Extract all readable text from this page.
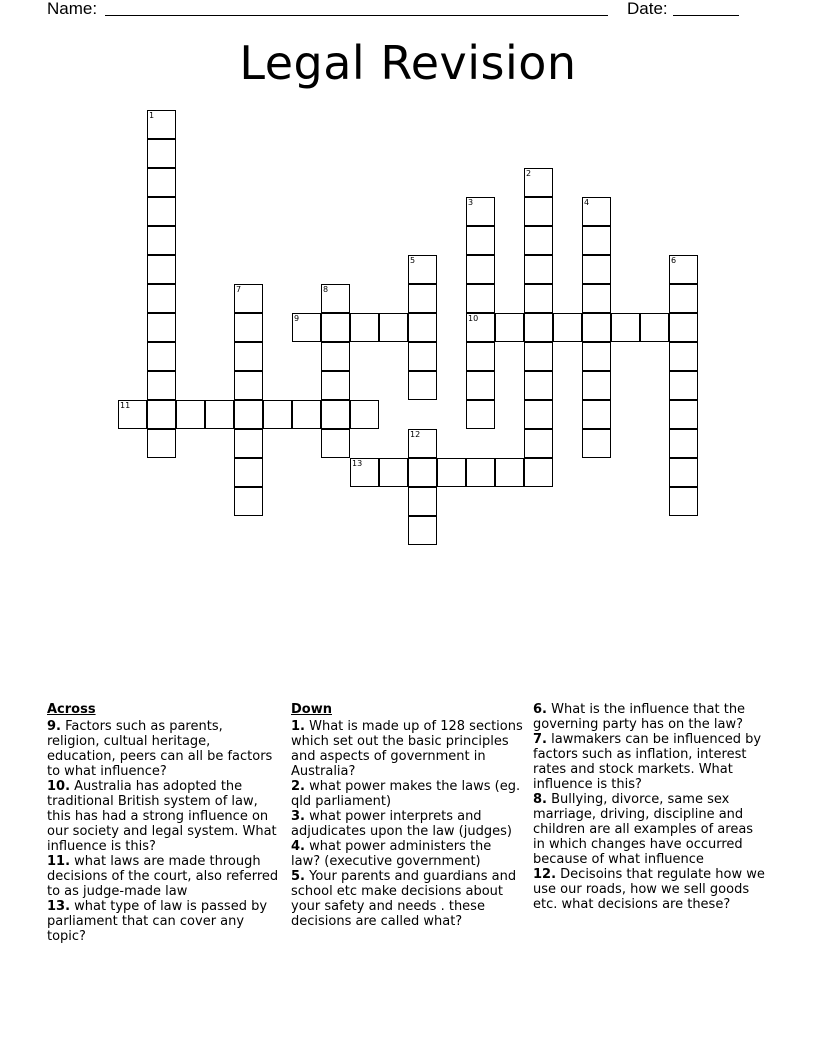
Name:	Date:
Legal Revision
1
2
3
10
4
5	6
7	8
9
11
12
13
Across

9. Factors such as parents, religion, cultual heritage, education, peers can all be factors to what influence?

10. Australia has adopted the traditional British system of law, this has had a strong influence on our society and legal system. What influence is this?

11. what laws are made through decisions of the court, also referred to as judge-made law

13. what type of law is passed by parliament that can cover any topic?

Down

1. What is made up of 128 sections which set out the basic principles and aspects of government in Australia?

2. what power makes the laws (eg. qld parliament)

3. what power interprets and adjudicates upon the law (judges)

4. what power administers the law? (executive government)

5. Your parents and guardians and school etc make decisions about your safety and needs . these decisions are called what?

6. What is the influence that the governing party has on the law?

7. lawmakers can be influenced by factors such as inflation, interest rates and stock markets. What influence is this?

8. Bullying, divorce, same sex marriage, driving, discipline and children are all examples of areas in which changes have occurred because of what influence

12. Decisoins that regulate how we use our roads, how we sell goods etc. what decisions are these?
